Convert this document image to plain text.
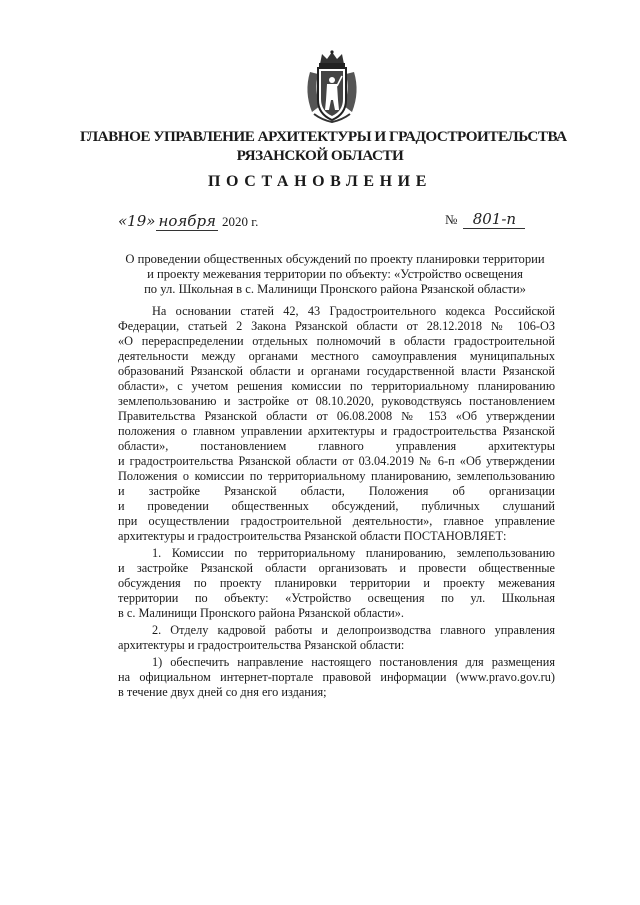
ГЛАВНОЕ УПРАВЛЕНИЕ АРХИТЕКТУРЫ И ГРАДОСТРОИТЕЛЬСТВА
РЯЗАНСКОЙ ОБЛАСТИ
ПОСТАНОВЛЕНИЕ
«19» ноября 2020 г.	№ 801-п
О проведении общественных обсуждений по проекту планировки территории
и проекту межевания территории по объекту: «Устройство освещения
по ул. Школьная в с. Малинищи Пронского района Рязанской области»
На основании статей 42, 43 Градостроительного кодекса Российской
Федерации, статьей 2 Закона Рязанской области от 28.12.2018 № 106-ОЗ
«О перераспределении отдельных полномочий в области градостроительной
деятельности между органами местного самоуправления муниципальных
образований Рязанской области и органами государственной власти Рязанской
области», с учетом решения комиссии по территориальному планированию
землепользованию и застройке от 08.10.2020, руководствуясь постановлением
Правительства Рязанской области от 06.08.2008 № 153 «Об утверждении
положения о главном управлении архитектуры и градостроительства Рязанской
области», постановлением главного управления архитектуры
и градостроительства Рязанской области от 03.04.2019 № 6-п «Об утверждении
Положения о комиссии по территориальному планированию, землепользованию
и застройке Рязанской области, Положения об организации
и проведении общественных обсуждений, публичных слушаний
при осуществлении градостроительной деятельности», главное управление
архитектуры и градостроительства Рязанской области ПОСТАНОВЛЯЕТ:
1. Комиссии по территориальному планированию, землепользованию
и застройке Рязанской области организовать и провести общественные
обсуждения по проекту планировки территории и проекту межевания
территории по объекту: «Устройство освещения по ул. Школьная
в с. Малинищи Пронского района Рязанской области».
2. Отделу кадровой работы и делопроизводства главного управления
архитектуры и градостроительства Рязанской области:
1) обеспечить направление настоящего постановления для размещения
на официальном интернет-портале правовой информации (www.pravo.gov.ru)
в течение двух дней со дня его издания;
